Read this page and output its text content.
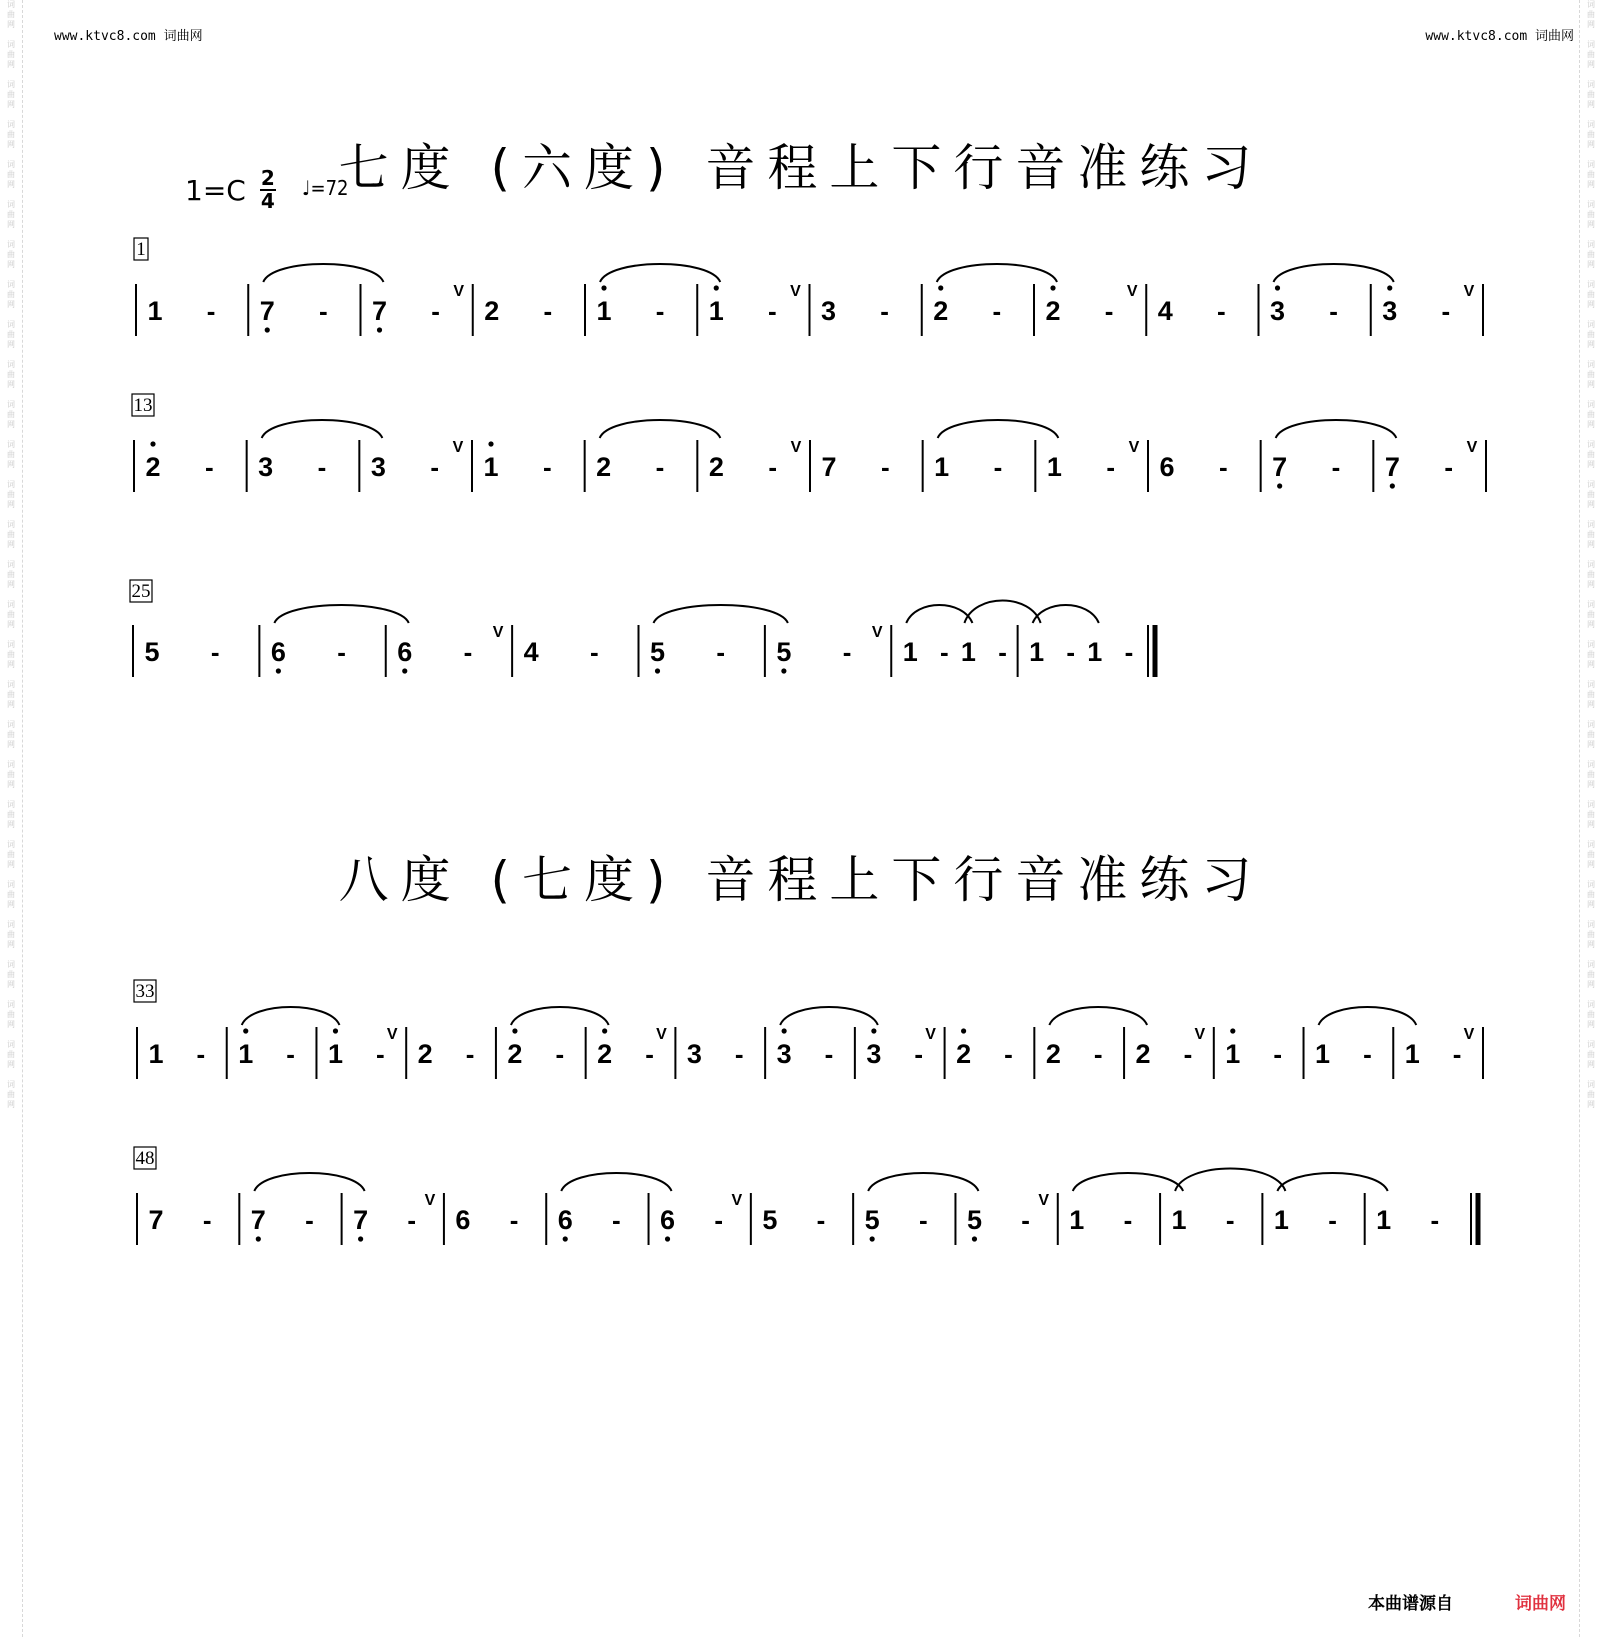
词
曲
网

词
曲
网

词
曲
网

词
曲
网

词
曲
网

词
曲
网

词
曲
网

词
曲
网

词
曲
网

词
曲
网

词
曲
网

词
曲
网

词
曲
网

词
曲
网

词
曲
网

词
曲
网

词
曲
网

词
曲
网

词
曲
网

词
曲
网

词
曲
网

词
曲
网

词
曲
网

词
曲
网

词
曲
网

词
曲
网

词
曲
网

词
曲
网

词
曲
网

词
曲
网

词
曲
网

词
曲
网

词
曲
网

词
曲
网

词
曲
网

词
曲
网

词
曲
网

词
曲
网

词
曲
网

词
曲
网

词
曲
网

词
曲
网

词
曲
网

词
曲
网

词
曲
网

词
曲
网

词
曲
网

词
曲
网

词
曲
网

词
曲
网

词
曲
网

词
曲
网

词
曲
网

词
曲
网

词
曲
网

词
曲
网

www.ktvc8.com 词曲网	www.ktvc8.com 词曲网
七度 (六度) 音程上下行音准练习
八度 (七度) 音程上下行音准练习
1=C 2
4
♩=72
1
1 - 7 - 7 -
V
2 - 1 - 1 -
V
3 - 2 - 2 -
V
4 - 3 - 3 -
V
13
2 - 3 - 3 -
V
1 - 2 - 2 -
V
7 - 1 - 1 -
V
6 - 7 - 7 -
V
25
5 - 6 - 6 -
V
4 - 5 - 5 -
V
1 - 1 - 1 - 1 -
33
1 - 1 - 1 -
V
2 - 2 - 2 -
V
3 - 3 - 3 -
V
2 - 2 - 2 -
V
1 - 1 - 1 -
V
48
7 - 7 - 7 -
V
6 - 6 - 6 -
V
5 - 5 - 5 -
V
1 - 1 - 1 - 1 -
本曲谱源自	词曲网
